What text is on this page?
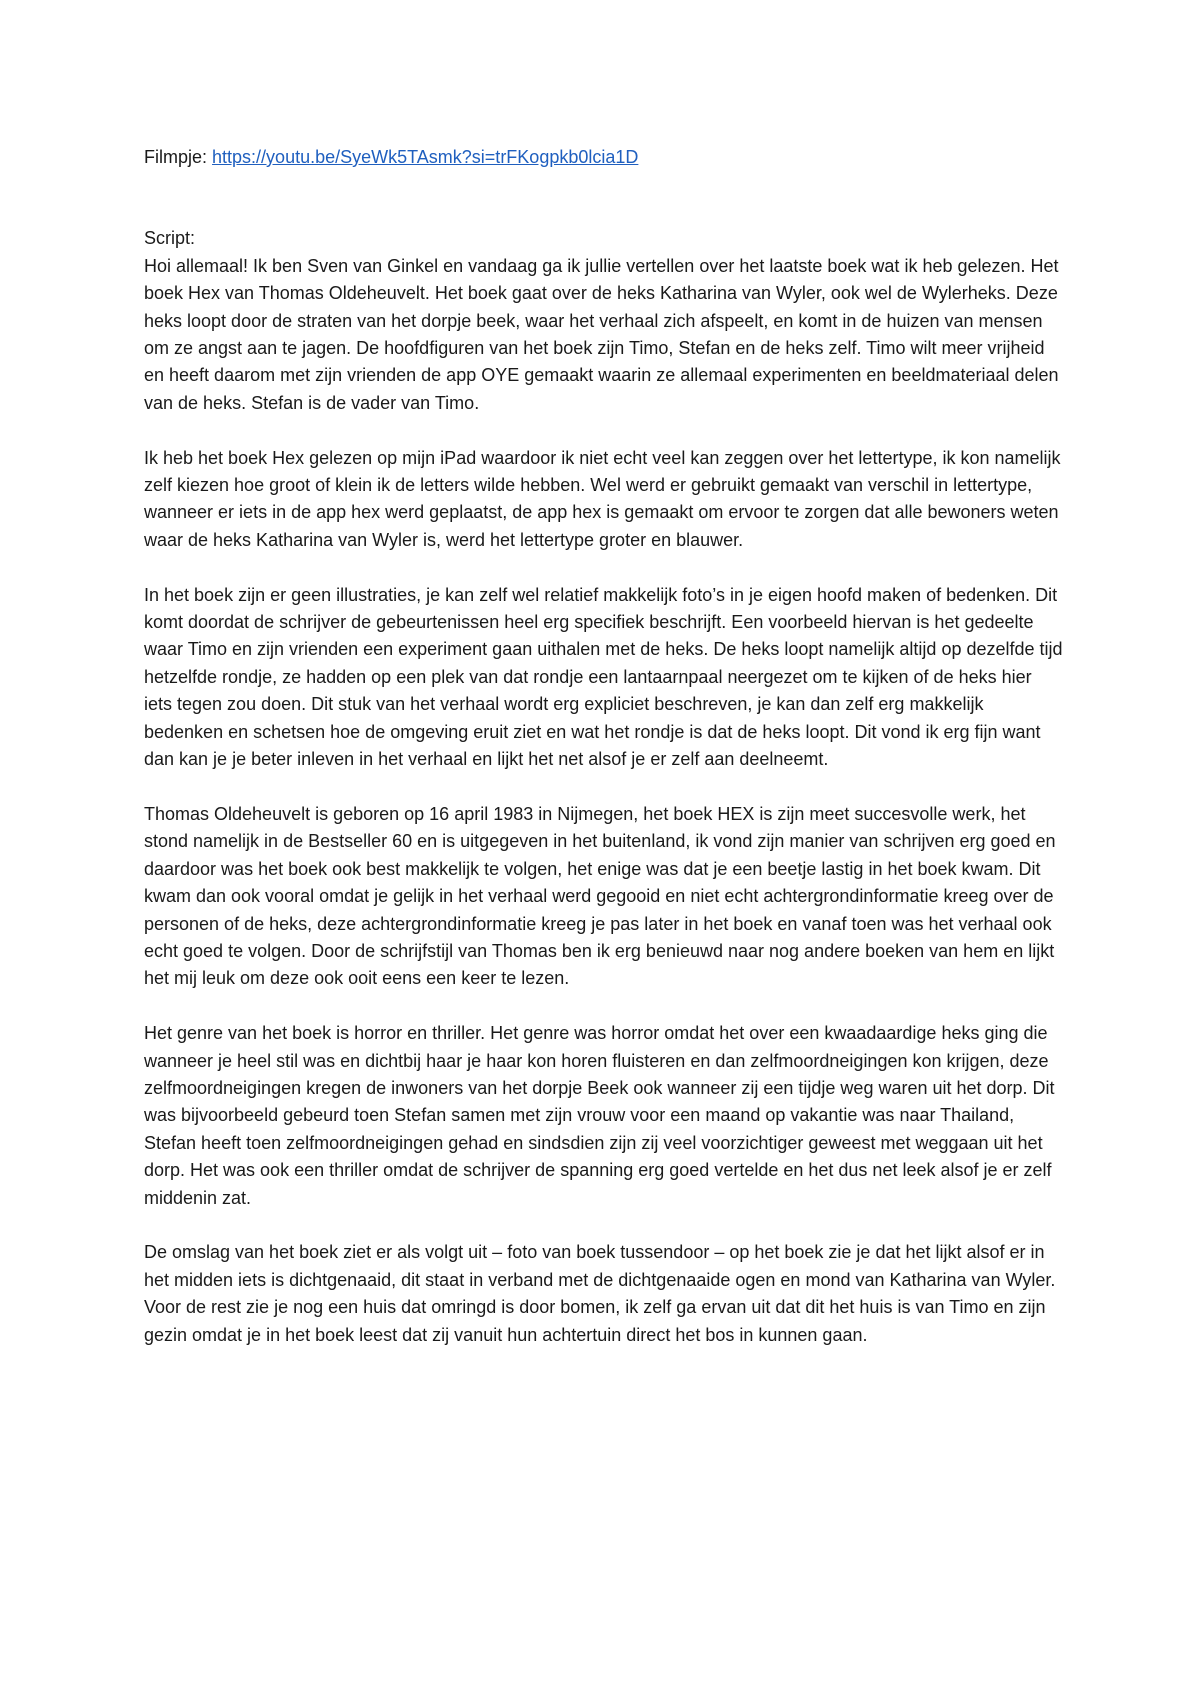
Filmpje: https://youtu.be/SyeWk5TAsmk?si=trFKogpkb0lcia1D

Script:

Hoi allemaal! Ik ben Sven van Ginkel en vandaag ga ik jullie vertellen over het laatste boek wat ik heb gelezen. Het boek Hex van Thomas Oldeheuvelt. Het boek gaat over de heks Katharina van Wyler, ook wel de Wylerheks. Deze heks loopt door de straten van het dorpje beek, waar het verhaal zich afspeelt, en komt in de huizen van mensen om ze angst aan te jagen. De hoofdfiguren van het boek zijn Timo, Stefan en de heks zelf. Timo wilt meer vrijheid en heeft daarom met zijn vrienden de app OYE gemaakt waarin ze allemaal experimenten en beeldmateriaal delen van de heks. Stefan is de vader van Timo.

Ik heb het boek Hex gelezen op mijn iPad waardoor ik niet echt veel kan zeggen over het lettertype, ik kon namelijk zelf kiezen hoe groot of klein ik de letters wilde hebben. Wel werd er gebruikt gemaakt van verschil in lettertype, wanneer er iets in de app hex werd geplaatst, de app hex is gemaakt om ervoor te zorgen dat alle bewoners weten waar de heks Katharina van Wyler is, werd het lettertype groter en blauwer.

In het boek zijn er geen illustraties, je kan zelf wel relatief makkelijk foto’s in je eigen hoofd maken of bedenken. Dit komt doordat de schrijver de gebeurtenissen heel erg specifiek beschrijft. Een voorbeeld hiervan is het gedeelte waar Timo en zijn vrienden een experiment gaan uithalen met de heks. De heks loopt namelijk altijd op dezelfde tijd hetzelfde rondje, ze hadden op een plek van dat rondje een lantaarnpaal neergezet om te kijken of de heks hier iets tegen zou doen. Dit stuk van het verhaal wordt erg expliciet beschreven, je kan dan zelf erg makkelijk bedenken en schetsen hoe de omgeving eruit ziet en wat het rondje is dat de heks loopt. Dit vond ik erg fijn want dan kan je je beter inleven in het verhaal en lijkt het net alsof je er zelf aan deelneemt.

Thomas Oldeheuvelt is geboren op 16 april 1983 in Nijmegen, het boek HEX is zijn meet succesvolle werk, het stond namelijk in de Bestseller 60 en is uitgegeven in het buitenland, ik vond zijn manier van schrijven erg goed en daardoor was het boek ook best makkelijk te volgen, het enige was dat je een beetje lastig in het boek kwam. Dit kwam dan ook vooral omdat je gelijk in het verhaal werd gegooid en niet echt achtergrondinformatie kreeg over de personen of de heks, deze achtergrondinformatie kreeg je pas later in het boek en vanaf toen was het verhaal ook echt goed te volgen. Door de schrijfstijl van Thomas ben ik erg benieuwd naar nog andere boeken van hem en lijkt het mij leuk om deze ook ooit eens een keer te lezen.

Het genre van het boek is horror en thriller. Het genre was horror omdat het over een kwaadaardige heks ging die wanneer je heel stil was en dichtbij haar je haar kon horen fluisteren en dan zelfmoordneigingen kon krijgen, deze zelfmoordneigingen kregen de inwoners van het dorpje Beek ook wanneer zij een tijdje weg waren uit het dorp. Dit was bijvoorbeeld gebeurd toen Stefan samen met zijn vrouw voor een maand op vakantie was naar Thailand, Stefan heeft toen zelfmoordneigingen gehad en sindsdien zijn zij veel voorzichtiger geweest met weggaan uit het dorp. Het was ook een thriller omdat de schrijver de spanning erg goed vertelde en het dus net leek alsof je er zelf middenin zat.

De omslag van het boek ziet er als volgt uit – foto van boek tussendoor – op het boek zie je dat het lijkt alsof er in het midden iets is dichtgenaaid, dit staat in verband met de dichtgenaaide ogen en mond van Katharina van Wyler. Voor de rest zie je nog een huis dat omringd is door bomen, ik zelf ga ervan uit dat dit het huis is van Timo en zijn gezin omdat je in het boek leest dat zij vanuit hun achtertuin direct het bos in kunnen gaan.
